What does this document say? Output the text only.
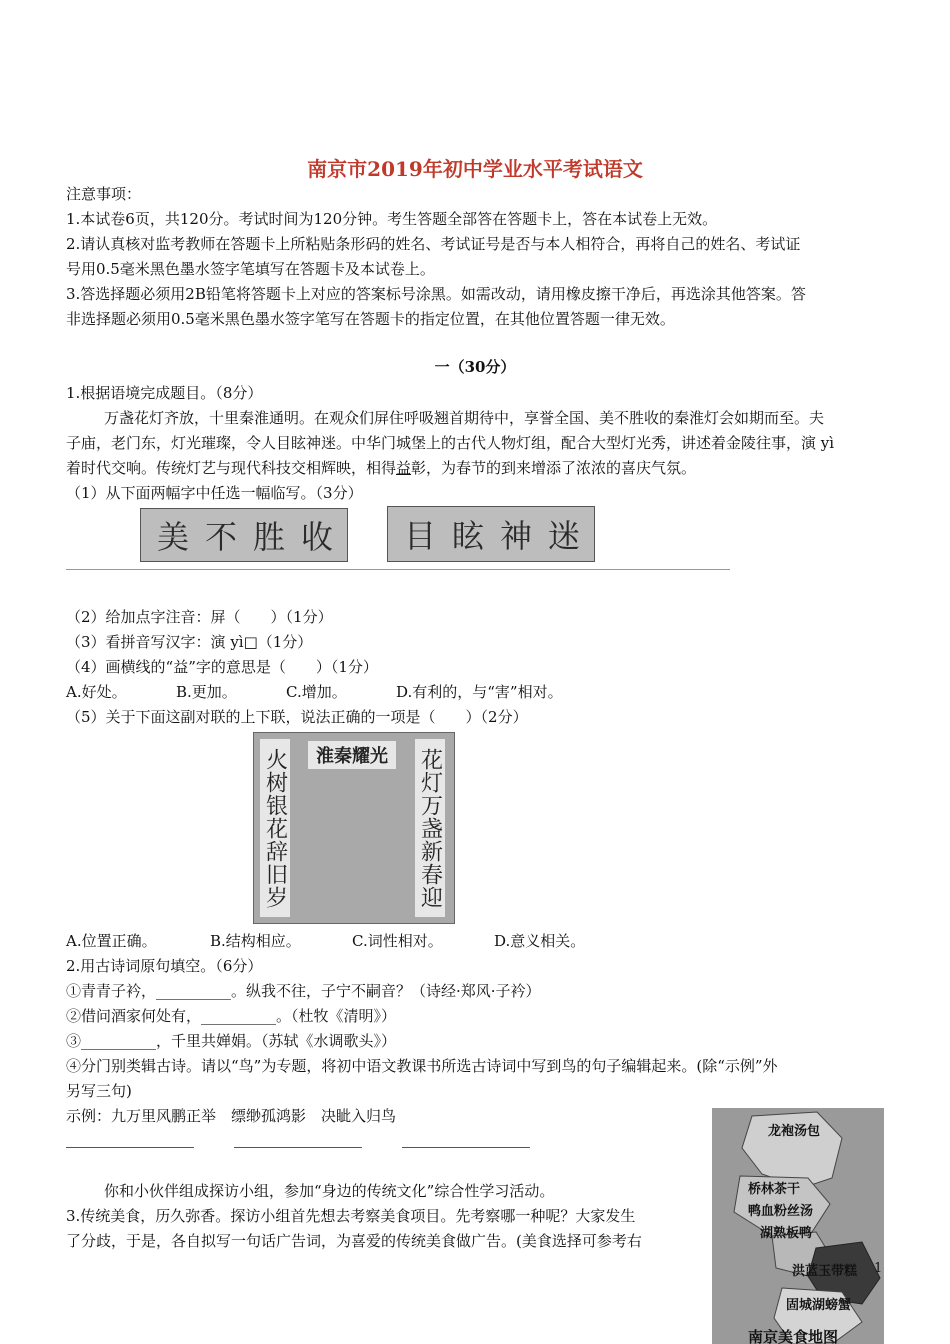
南京市2019年初中学业水平考试语文
注意事项：
1.本试卷6页，共120分。考试时间为120分钟。考生答题全部答在答题卡上，答在本试卷上无效。
2.请认真核对监考教师在答题卡上所粘贴条形码的姓名、考试证号是否与本人相符合，再将自己的姓名、考试证
号用0.5毫米黑色墨水签字笔填写在答题卡及本试卷上。
3.答选择题必须用2B铅笔将答题卡上对应的答案标号涂黑。如需改动，请用橡皮擦干净后，再选涂其他答案。答
非选择题必须用0.5毫米黑色墨水签字笔写在答题卡的指定位置，在其他位置答题一律无效。
一（30分）
1.根据语境完成题目。（8分）
万盏花灯齐放，十里秦淮通明。在观众们屏住呼吸翘首期待中，享誉全国、美不胜收的秦淮灯会如期而至。夫
子庙，老门东，灯光璀璨，令人目眩神迷。中华门城堡上的古代人物灯组，配合大型灯光秀，讲述着金陵往事，演 yì
着时代交响。传统灯艺与现代科技交相辉映，相得益彰，为春节的到来增添了浓浓的喜庆气氛。
（1）从下面两幅字中任选一幅临写。（3分）
美 不 胜 收 目 眩 神 迷
（2）给加点字注音：屏（　　）（1分）
（3）看拼音写汉字：演 yì□（1分）
（4）画横线的“益”字的意思是（　　）（1分）
A.好处。	B.更加。	C.增加。	D.有利的，与“害”相对。
（5）关于下面这副对联的上下联，说法正确的一项是（　　）（2分）
淮秦耀光
火树银花辞旧岁	花灯万盏新春迎
A.位置正确。	B.结构相应。	C.词性相对。	D.意义相关。
2.用古诗词原句填空。（6分）
①青青子衿，__________。纵我不往，子宁不嗣音？（诗经·郑风·子衿）
②借问酒家何处有，__________。（杜牧《清明》）
③__________，千里共婵娟。（苏轼《水调歌头》）
④分门别类辑古诗。请以“鸟”为专题，将初中语文教课书所选古诗词中写到鸟的句子编辑起来。(除“示例”外
另写三句)
示例：九万里风鹏正举　缥缈孤鸿影　决眦入归鸟
你和小伙伴组成探访小组，参加“身边的传统文化”综合性学习活动。
3.传统美食，历久弥香。探访小组首先想去考察美食项目。先考察哪一种呢？大家发生
了分歧，于是，各自拟写一句话广告词，为喜爱的传统美食做广告。(美食选择可参考右
龙袍汤包
桥林茶干
鸭血粉丝汤
湖熟板鸭
洪蓝玉带糕
固城湖螃蟹
南京美食地图
1
